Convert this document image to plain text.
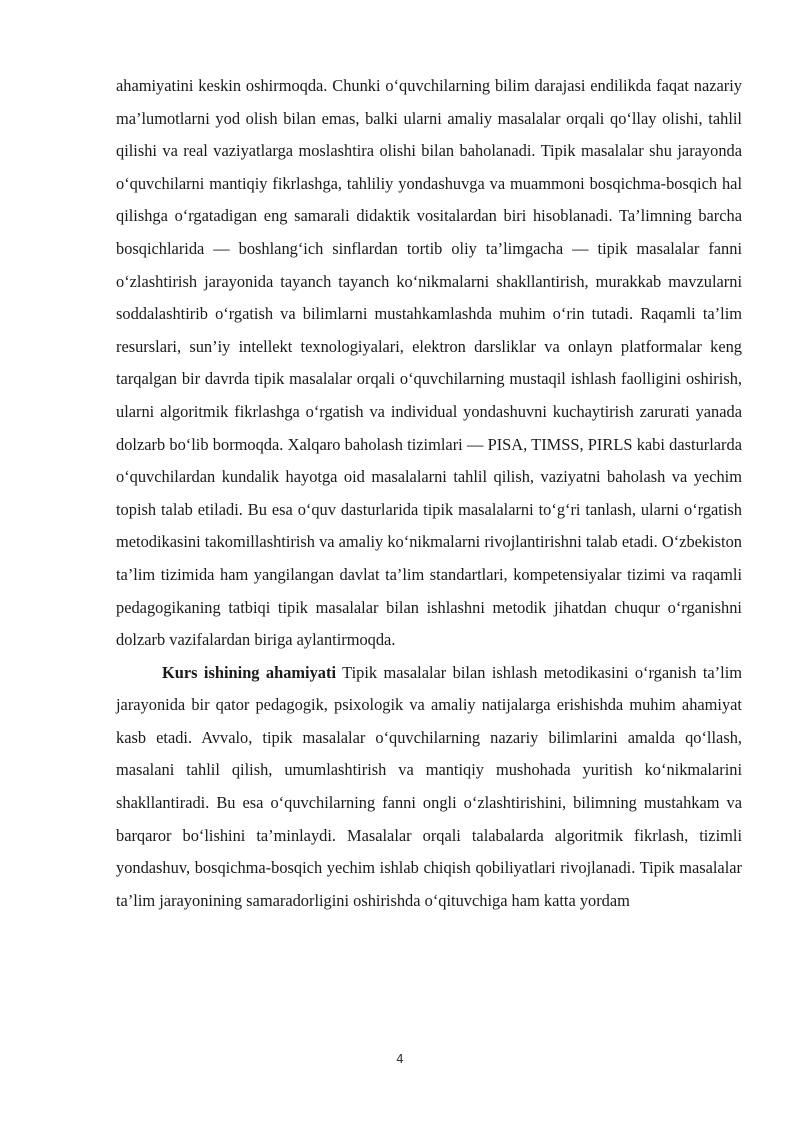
ahamiyatini keskin oshirmoqda. Chunki o‘quvchilarning bilim darajasi endilikda faqat nazariy ma’lumotlarni yod olish bilan emas, balki ularni amaliy masalalar orqali qo‘llay olishi, tahlil qilishi va real vaziyatlarga moslashtira olishi bilan baholanadi. Tipik masalalar shu jarayonda o‘quvchilarni mantiqiy fikrlashga, tahliliy yondashuvga va muammoni bosqichma-bosqich hal qilishga o‘rgatadigan eng samarali didaktik vositalardan biri hisoblanadi. Ta’limning barcha bosqichlarida — boshlang‘ich sinflardan tortib oliy ta’limgacha — tipik masalalar fanni o‘zlashtirish jarayonida tayanch tayanch ko‘nikmalarni shakllantirish, murakkab mavzularni soddalashtirib o‘rgatish va bilimlarni mustahkamlashda muhim o‘rin tutadi. Raqamli ta’lim resurslari, sun’iy intellekt texnologiyalari, elektron darsliklar va onlayn platformalar keng tarqalgan bir davrda tipik masalalar orqali o‘quvchilarning mustaqil ishlash faolligini oshirish, ularni algoritmik fikrlashga o‘rgatish va individual yondashuvni kuchaytirish zarurati yanada dolzarb bo‘lib bormoqda. Xalqaro baholash tizimlari — PISA, TIMSS, PIRLS kabi dasturlarda o‘quvchilardan kundalik hayotga oid masalalarni tahlil qilish, vaziyatni baholash va yechim topish talab etiladi. Bu esa o‘quv dasturlarida tipik masalalarni to‘g‘ri tanlash, ularni o‘rgatish metodikasini takomillashtirish va amaliy ko‘nikmalarni rivojlantirishni talab etadi. O‘zbekiston ta’lim tizimida ham yangilangan davlat ta’lim standartlari, kompetensiyalar tizimi va raqamli pedagogikaning tatbiqi tipik masalalar bilan ishlashni metodik jihatdan chuqur o‘rganishni dolzarb vazifalardan biriga aylantirmoqda.

Kurs ishining ahamiyati Tipik masalalar bilan ishlash metodikasini o‘rganish ta’lim jarayonida bir qator pedagogik, psixologik va amaliy natijalarga erishishda muhim ahamiyat kasb etadi. Avvalo, tipik masalalar o‘quvchilarning nazariy bilimlarini amalda qo‘llash, masalani tahlil qilish, umumlashtirish va mantiqiy mushohada yuritish ko‘nikmalarini shakllantiradi. Bu esa o‘quvchilarning fanni ongli o‘zlashtirishini, bilimning mustahkam va barqaror bo‘lishini ta’minlaydi. Masalalar orqali talabalarda algoritmik fikrlash, tizimli yondashuv, bosqichma-bosqich yechim ishlab chiqish qobiliyatlari rivojlanadi. Tipik masalalar ta’lim jarayonining samaradorligini oshirishda o‘qituvchiga ham katta yordam

4
